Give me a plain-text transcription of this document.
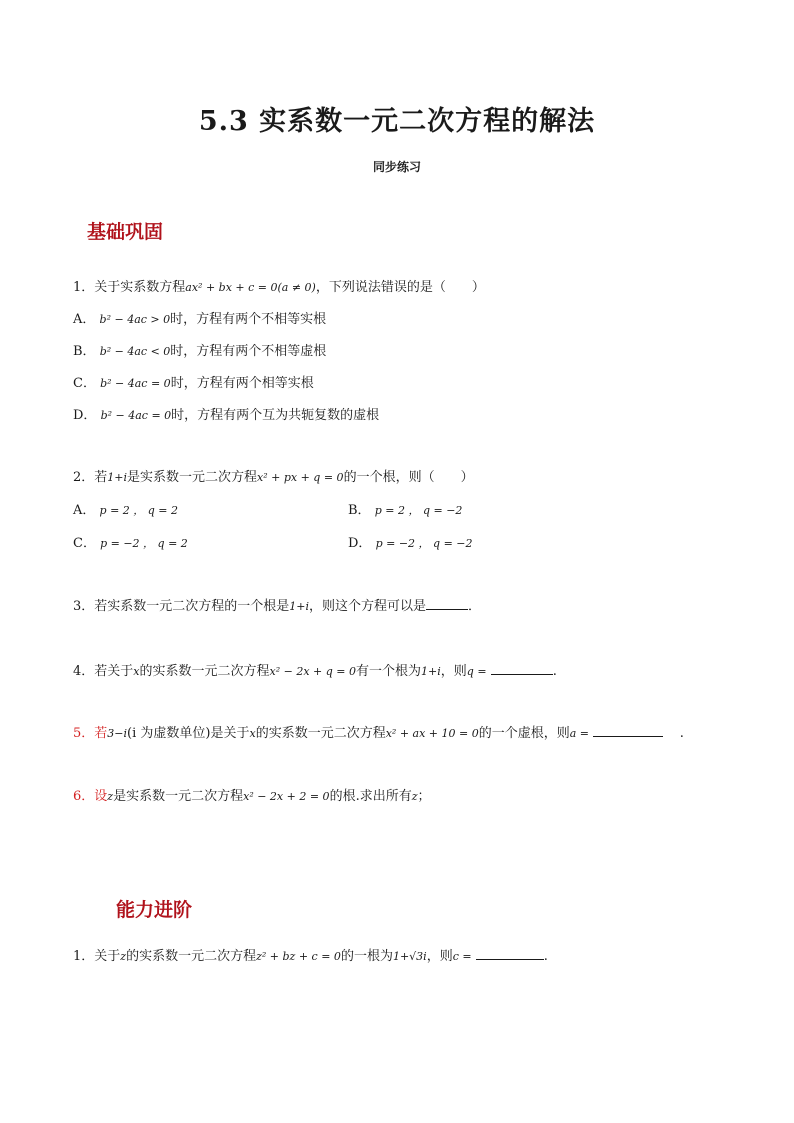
5.3 实系数一元二次方程的解法
同步练习
基础巩固
1．关于实系数方程ax² + bx + c = 0(a ≠ 0)，下列说法错误的是（　　）
A． b² − 4ac > 0时，方程有两个不相等实根
B． b² − 4ac < 0时，方程有两个不相等虚根
C． b² − 4ac = 0时，方程有两个相等实根
D． b² − 4ac = 0时，方程有两个互为共轭复数的虚根
2．若1+i是实系数一元二次方程x² + px + q = 0的一个根，则（　　）
A． p = 2 ， q = 2	B． p = 2 ， q = −2
C． p = −2 ， q = 2	D． p = −2 ， q = −2
3．若实系数一元二次方程的一个根是1+i，则这个方程可以是	．
4．若关于x的实系数一元二次方程x² − 2x + q = 0有一个根为1+i，则q =	.
5．若3−i(i 为虚数单位)是关于x的实系数一元二次方程x² + ax + 10 = 0的一个虚根，则a =	.
6．设z是实系数一元二次方程x² − 2x + 2 = 0的根.求出所有z；
能力进阶
1．关于z的实系数一元二次方程z² + bz + c = 0的一根为1+√3i，则c =	.
